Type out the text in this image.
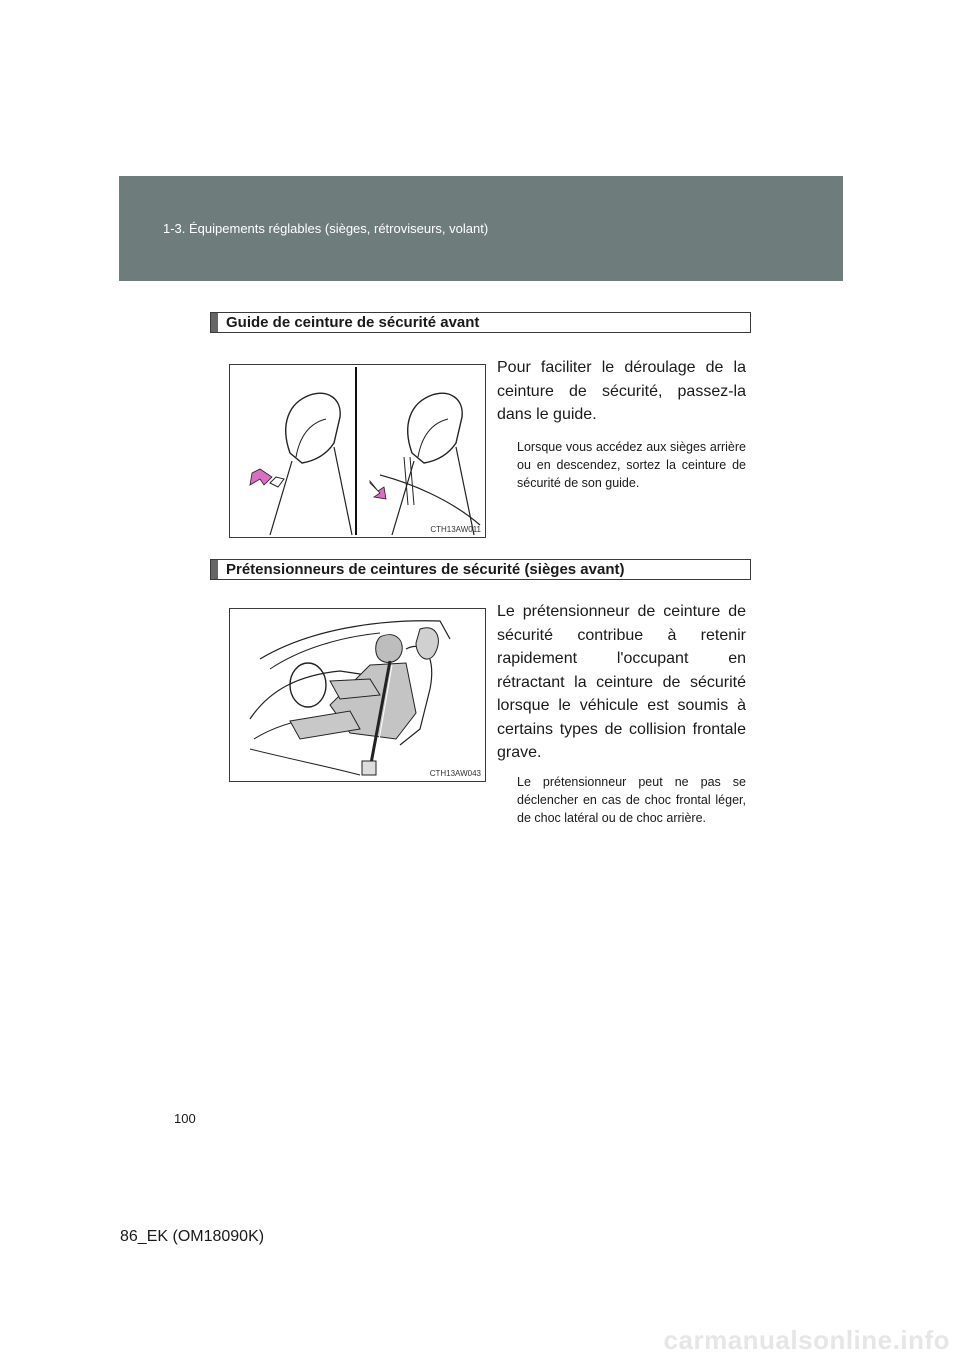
1-3. Équipements réglables (sièges, rétroviseurs, volant)
Guide de ceinture de sécurité avant
CTH13AW011

Pour faciliter le déroulage de la ceinture de sécurité, passez-la dans le guide.

Lorsque vous accédez aux sièges arrière ou en descendez, sortez la ceinture de sécurité de son guide.

Prétensionneurs de ceintures de sécurité (sièges avant)
CTH13AW043

Le prétensionneur de ceinture de sécurité contribue à retenir rapidement l'occupant en rétractant la ceinture de sécurité lorsque le véhicule est soumis à certains types de collision frontale grave.

Le prétensionneur peut ne pas se déclencher en cas de choc frontal léger, de choc latéral ou de choc arrière.

100
86_EK (OM18090K)
carmanualsonline.info
